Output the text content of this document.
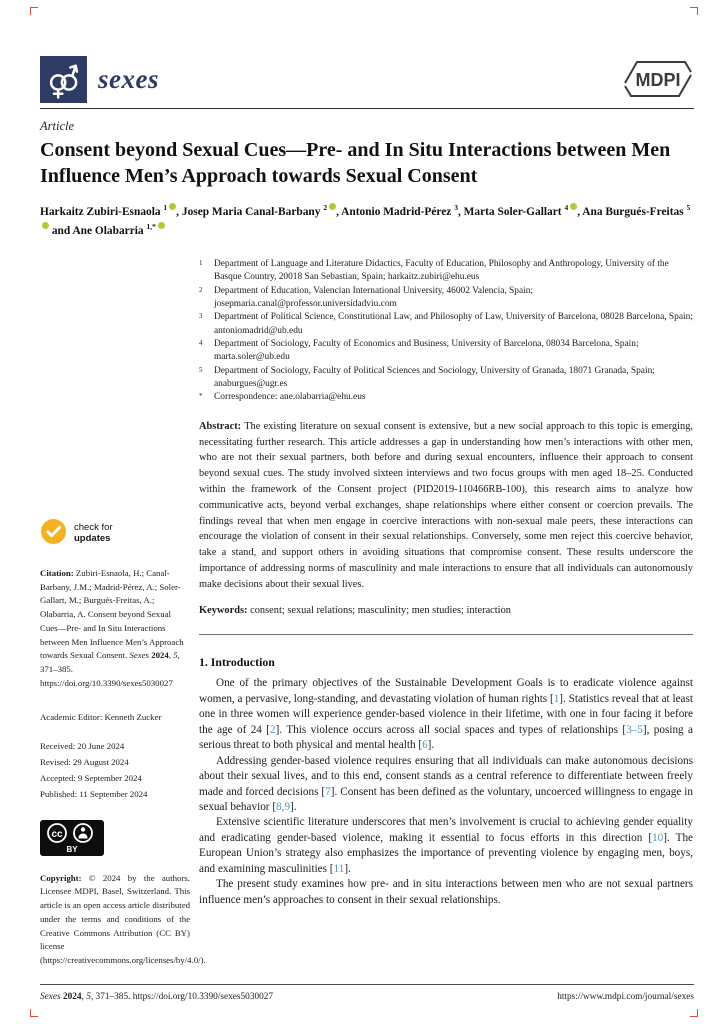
sexes	MDPI
Article
Consent beyond Sexual Cues—Pre- and In Situ Interactions between Men Influence Men’s Approach towards Sexual Consent
Harkaitz Zubiri-Esnaola $^1$ , Josep Maria Canal-Barbany $^2$ , Antonio Madrid-Pérez $^3$, Marta Soler-Gallart $^4$ , Ana Burgués-Freitas $^5$ and Ane Olabarria $^{1,*}$
1	Department of Language and Literature Didactics, Faculty of Education, Philosophy and Anthropology, University of the Basque Country, 20018 San Sebastian, Spain; harkaitz.zubiri@ehu.eus
2	Department of Education, Valencian International University, 46002 Valencia, Spain; josepmaria.canal@professor.universidadviu.com
3	Department of Political Science, Constitutional Law, and Philosophy of Law, University of Barcelona, 08028 Barcelona, Spain; antoniomadrid@ub.edu
4	Department of Sociology, Faculty of Economics and Business, University of Barcelona, 08034 Barcelona, Spain; marta.soler@ub.edu
5	Department of Sociology, Faculty of Political Sciences and Sociology, University of Granada, 18071 Granada, Spain; anaburgues@ugr.es
*	Correspondence: ane.olabarria@ehu.eus

Abstract: The existing literature on sexual consent is extensive, but a new social approach to this topic is emerging, necessitating further research. This article addresses a gap in understanding how men’s interactions with other men, who are not their sexual partners, both before and during sexual encounters, influence their approach to consent beyond sexual cues. The study involved sixteen interviews and two focus groups with men aged 18–25. Conducted within the framework of the Consent project (PID2019-110466RB-100), this research aims to analyze how communicative acts, beyond verbal exchanges, shape relationships where either consent or coercion prevails. The findings reveal that when men engage in coercive interactions with non-sexual male peers, these interactions can encourage the violation of consent in their sexual relationships. Conversely, some men reject this coercive behavior, take a stand, and support others in avoiding situations that compromise consent. These results underscore the importance of addressing norms of masculinity and male interactions to ensure that all individuals can autonomously make decisions about their sexual lives.

Keywords: consent; sexual relations; masculinity; men studies; interaction

1. Introduction

One of the primary objectives of the Sustainable Development Goals is to eradicate violence against women, a pervasive, long-standing, and devastating violation of human rights [1]. Statistics reveal that at least one in three women will experience gender-based violence in their lifetime, with one in four facing it before the age of 24 [2]. This violence occurs across all social spaces and types of relationships [3–5], posing a serious threat to both physical and mental health [6].

Addressing gender-based violence requires ensuring that all individuals can make autonomous decisions about their sexual lives, and to this end, consent stands as a central reference to differentiate between freely made and forced decisions [7]. Consent has been defined as the voluntary, uncoerced willingness to engage in sexual behavior [8,9].

Extensive scientific literature underscores that men’s involvement is crucial to achieving gender equality and eradicating gender-based violence, making it essential to focus efforts in this direction [10]. The European Union’s strategy also emphasizes the importance of preventing violence by engaging men, boys, and examining masculinities [11].

The present study examines how pre- and in situ interactions between men who are not sexual partners influence men’s approaches to consent in their sexual relationships.

check for
updates
Citation: Zubiri-Esnaola, H.; Canal-Barbany, J.M.; Madrid-Pérez, A.; Soler-Gallart, M.; Burgués-Freitas, A.; Olabarria, A. Consent beyond Sexual Cues—Pre- and In Situ Interactions between Men Influence Men’s Approach towards Sexual Consent. Sexes 2024, 5, 371–385. https://doi.org/10.3390/sexes5030027
Academic Editor: Kenneth Zucker
Received: 20 June 2024
Revised: 29 August 2024
Accepted: 9 September 2024
Published: 11 September 2024
cc
BY
Copyright: © 2024 by the authors. Licensee MDPI, Basel, Switzerland. This article is an open access article distributed under the terms and conditions of the Creative Commons Attribution (CC BY) license (https://creativecommons.org/licenses/by/4.0/).
Sexes 2024, 5, 371–385. https://doi.org/10.3390/sexes5030027	https://www.mdpi.com/journal/sexes
